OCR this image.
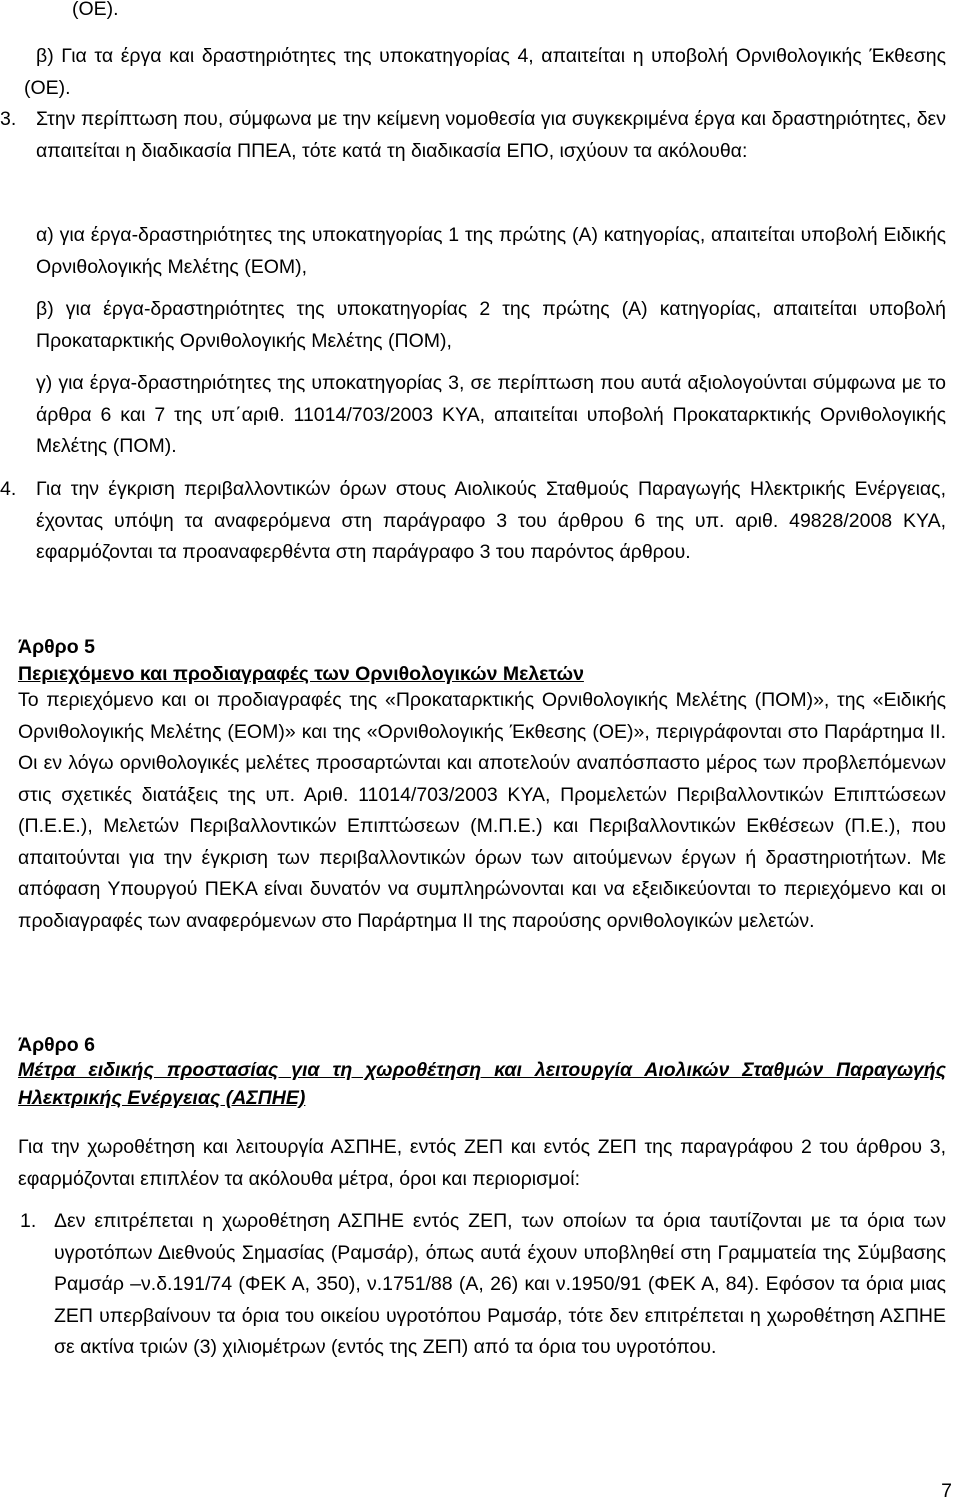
(ΟΕ).

β) Για τα έργα και δραστηριότητες της υποκατηγορίας 4, απαιτείται η υποβολή Ορνιθολογικής Έκθεσης (ΟΕ).

3. Στην περίπτωση που, σύμφωνα με την κείμενη νομοθεσία για συγκεκριμένα έργα και δραστηριότητες, δεν απαιτείται η διαδικασία ΠΠΕΑ, τότε κατά τη διαδικασία ΕΠΟ, ισχύουν τα ακόλουθα:

α) για έργα-δραστηριότητες της υποκατηγορίας 1 της πρώτης (Α) κατηγορίας, απαιτείται υποβολή Ειδικής Ορνιθολογικής Μελέτης (ΕΟΜ),

β) για έργα-δραστηριότητες της υποκατηγορίας 2 της πρώτης (Α) κατηγορίας, απαιτείται υποβολή Προκαταρκτικής Ορνιθολογικής Μελέτης (ΠΟΜ),

γ) για έργα-δραστηριότητες της υποκατηγορίας 3, σε περίπτωση που αυτά αξιολογούνται σύμφωνα με το άρθρα 6 και 7 της υπ΄αριθ. 11014/703/2003 ΚΥΑ, απαιτείται υποβολή Προκαταρκτικής Ορνιθολογικής Μελέτης (ΠΟΜ).

4. Για την έγκριση περιβαλλοντικών όρων στους Αιολικούς Σταθμούς Παραγωγής Ηλεκτρικής Ενέργειας, έχοντας υπόψη τα αναφερόμενα στη παράγραφο 3 του άρθρου 6 της υπ. αριθ. 49828/2008 ΚΥΑ, εφαρμόζονται τα προαναφερθέντα στη παράγραφο 3 του παρόντος άρθρου.

Άρθρο 5
Περιεχόμενο και προδιαγραφές των Ορνιθολογικών Μελετών

Το περιεχόμενο και οι προδιαγραφές της «Προκαταρκτικής Ορνιθολογικής Μελέτης (ΠΟΜ)», της «Ειδικής Ορνιθολογικής Μελέτης (ΕΟΜ)» και της «Ορνιθολογικής Έκθεσης (ΟΕ)», περιγράφονται στο Παράρτημα ΙΙ. Οι εν λόγω ορνιθολογικές μελέτες προσαρτώνται και αποτελούν αναπόσπαστο μέρος των προβλεπόμενων στις σχετικές διατάξεις της υπ. Αριθ. 11014/703/2003 ΚΥΑ, Προμελετών Περιβαλλοντικών Επιπτώσεων (Π.Ε.Ε.), Μελετών Περιβαλλοντικών Επιπτώσεων (Μ.Π.Ε.) και Περιβαλλοντικών Εκθέσεων (Π.Ε.), που απαιτούνται για την έγκριση των περιβαλλοντικών όρων των αιτούμενων έργων ή δραστηριοτήτων. Με απόφαση Υπουργού ΠΕΚΑ είναι δυνατόν να συμπληρώνονται και να εξειδικεύονται το περιεχόμενο και οι προδιαγραφές των αναφερόμενων στο Παράρτημα ΙΙ της παρούσης ορνιθολογικών μελετών.

Άρθρο 6

Μέτρα ειδικής προστασίας για τη χωροθέτηση και λειτουργία Αιολικών Σταθμών Παραγωγής Ηλεκτρικής Ενέργειας (ΑΣΠΗΕ)

Για την χωροθέτηση και λειτουργία ΑΣΠΗΕ, εντός ΖΕΠ και εντός ΖΕΠ της παραγράφου 2 του άρθρου 3, εφαρμόζονται επιπλέον τα ακόλουθα μέτρα, όροι και περιορισμοί:

1. Δεν επιτρέπεται η χωροθέτηση ΑΣΠΗΕ εντός ΖΕΠ, των οποίων τα όρια ταυτίζονται με τα όρια των υγροτόπων Διεθνούς Σημασίας (Ραμσάρ), όπως αυτά έχουν υποβληθεί στη Γραμματεία της Σύμβασης Ραμσάρ –ν.δ.191/74 (ΦΕΚ Α, 350), ν.1751/88 (Α, 26) και ν.1950/91 (ΦΕΚ Α, 84). Εφόσον τα όρια μιας ΖΕΠ υπερβαίνουν τα όρια του οικείου υγροτόπου Ραμσάρ, τότε δεν επιτρέπεται η χωροθέτηση ΑΣΠΗΕ σε ακτίνα τριών (3) χιλιομέτρων (εντός της ΖΕΠ) από τα όρια του υγροτόπου.

7
